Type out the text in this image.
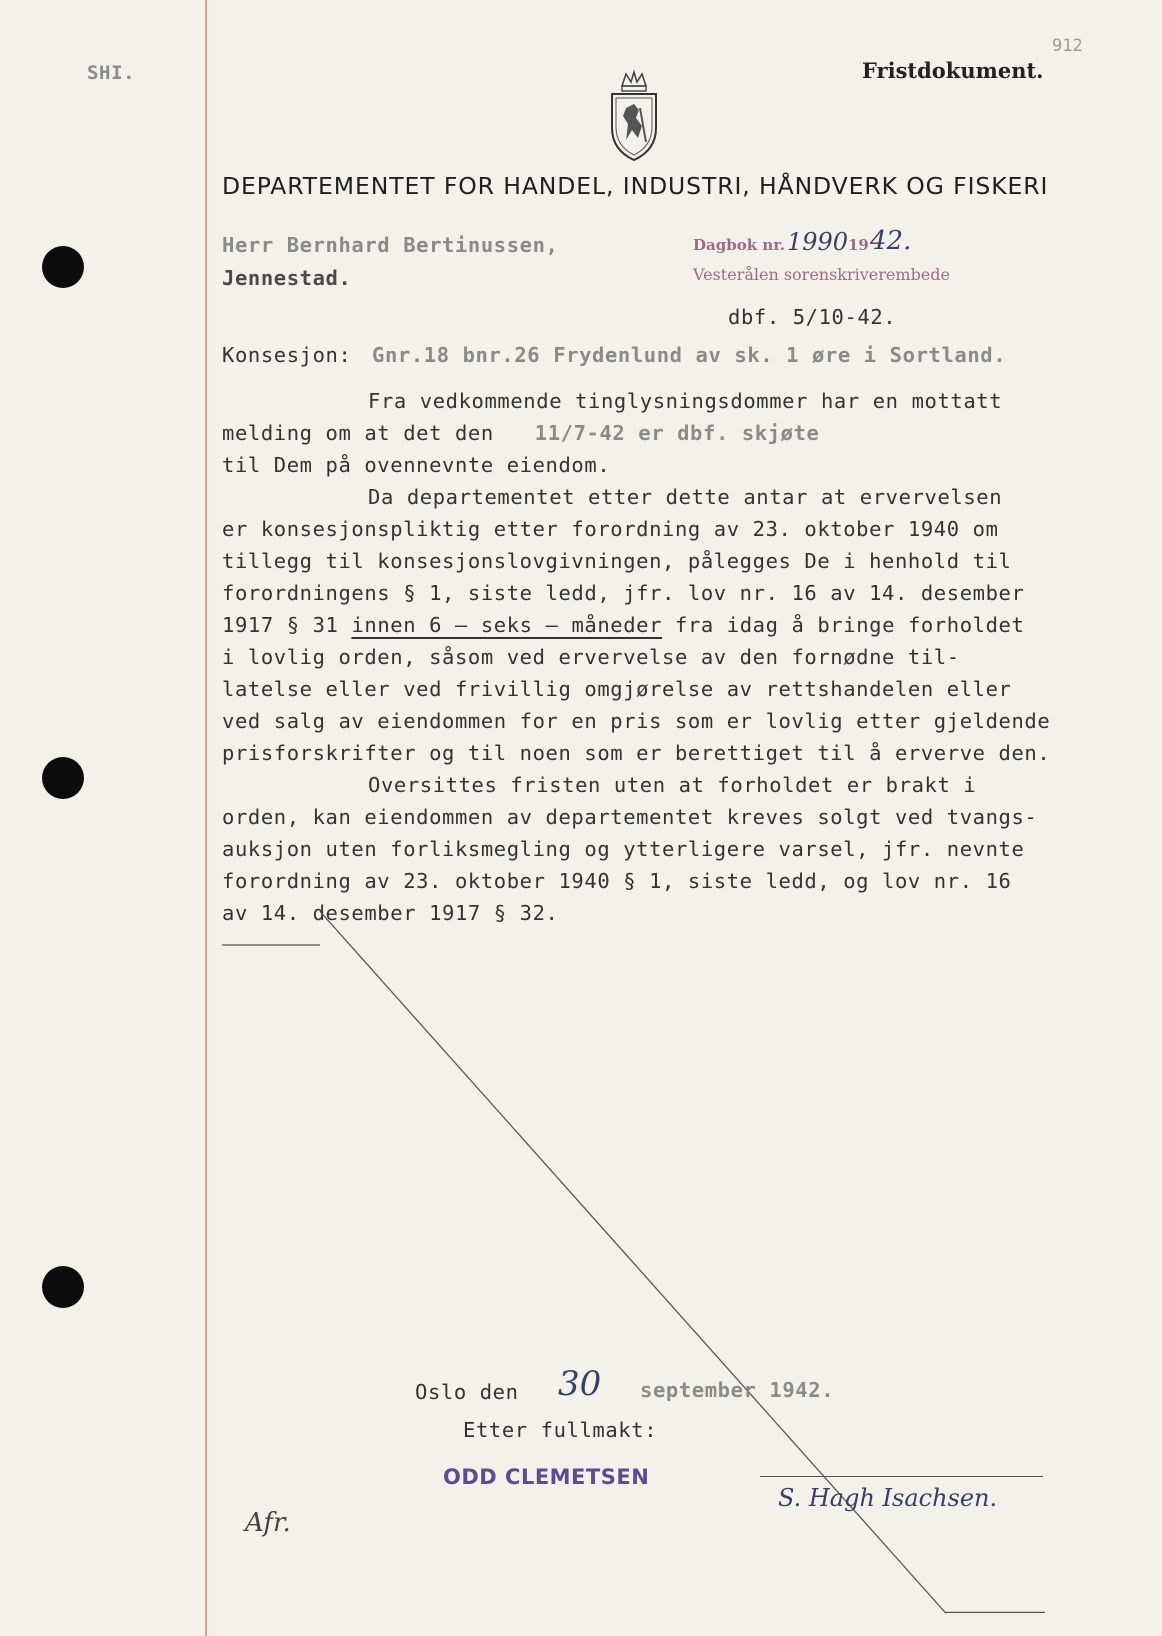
912
SHI.	Fristdokument.
DEPARTEMENTET FOR HANDEL, INDUSTRI, HÅNDVERK OG FISKERI
Herr Bernhard Bertinussen,
Jennestad.
Dagbok nr. 1990 19 42.
Vesterålen sorenskriverembede
dbf. 5/10-42.
Konsesjon: Gnr.18 bnr.26 Frydenlund av sk. 1 øre i Sortland.
Fra vedkommende tinglysningsdommer har en mottatt
melding om at det den 11/7-42 er dbf. skjøte
til Dem på ovennevnte eiendom.
Da departementet etter dette antar at ervervelsen
er konsesjonspliktig etter forordning av 23. oktober 1940 om
tillegg til konsesjonslovgivningen, pålegges De i henhold til
forordningens § 1, siste ledd, jfr. lov nr. 16 av 14. desember
1917 § 31 innen 6 – seks – måneder fra idag å bringe forholdet
i lovlig orden, såsom ved ervervelse av den fornødne til-
latelse eller ved frivillig omgjørelse av rettshandelen eller
ved salg av eiendommen for en pris som er lovlig etter gjeldende
prisforskrifter og til noen som er berettiget til å erverve den.
Oversittes fristen uten at forholdet er brakt i
orden, kan eiendommen av departementet kreves solgt ved tvangs-
auksjon uten forliksmegling og ytterligere varsel, jfr. nevnte
forordning av 23. oktober 1940 § 1, siste ledd, og lov nr. 16
av 14. desember 1917 § 32.
Oslo den 30 september 1942.
Etter fullmakt:
ODD CLEMETSEN
S. Hagh Isachsen.
Afr.
